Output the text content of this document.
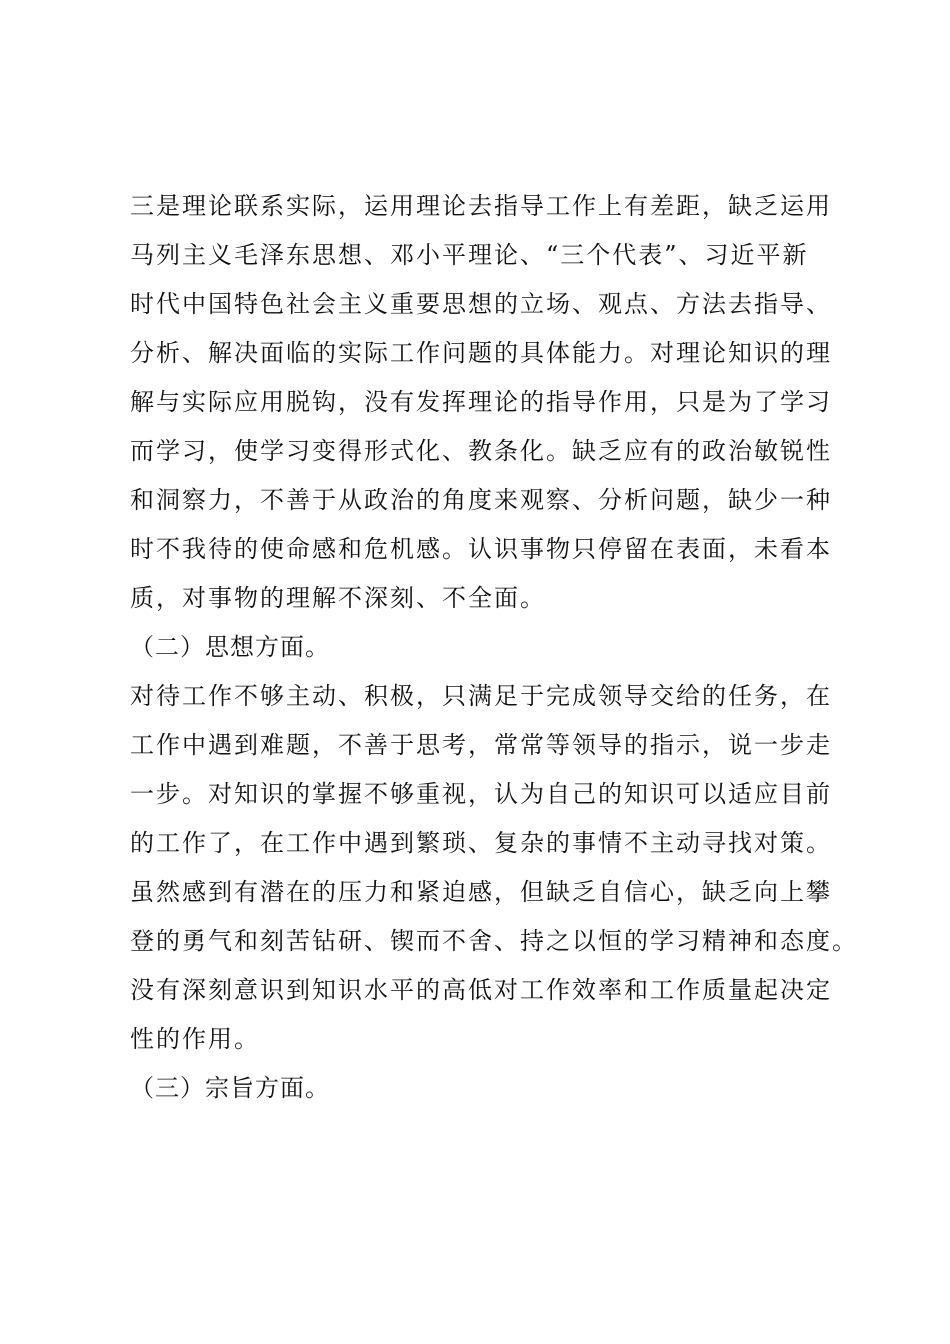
三是理论联系实际，运用理论去指导工作上有差距，缺乏运用
马列主义毛泽东思想、邓小平理论、“三个代表”、习近平新
时代中国特色社会主义重要思想的立场、观点、方法去指导、
分析、解决面临的实际工作问题的具体能力。对理论知识的理
解与实际应用脱钩，没有发挥理论的指导作用，只是为了学习
而学习，使学习变得形式化、教条化。缺乏应有的政治敏锐性
和洞察力，不善于从政治的角度来观察、分析问题，缺少一种
时不我待的使命感和危机感。认识事物只停留在表面，未看本
质，对事物的理解不深刻、不全面。
（二）思想方面。
对待工作不够主动、积极，只满足于完成领导交给的任务，在
工作中遇到难题，不善于思考，常常等领导的指示，说一步走
一步。对知识的掌握不够重视，认为自己的知识可以适应目前
的工作了，在工作中遇到繁琐、复杂的事情不主动寻找对策。
虽然感到有潜在的压力和紧迫感，但缺乏自信心，缺乏向上攀
登的勇气和刻苦钻研、锲而不舍、持之以恒的学习精神和态度。
没有深刻意识到知识水平的高低对工作效率和工作质量起决定
性的作用。
（三）宗旨方面。
